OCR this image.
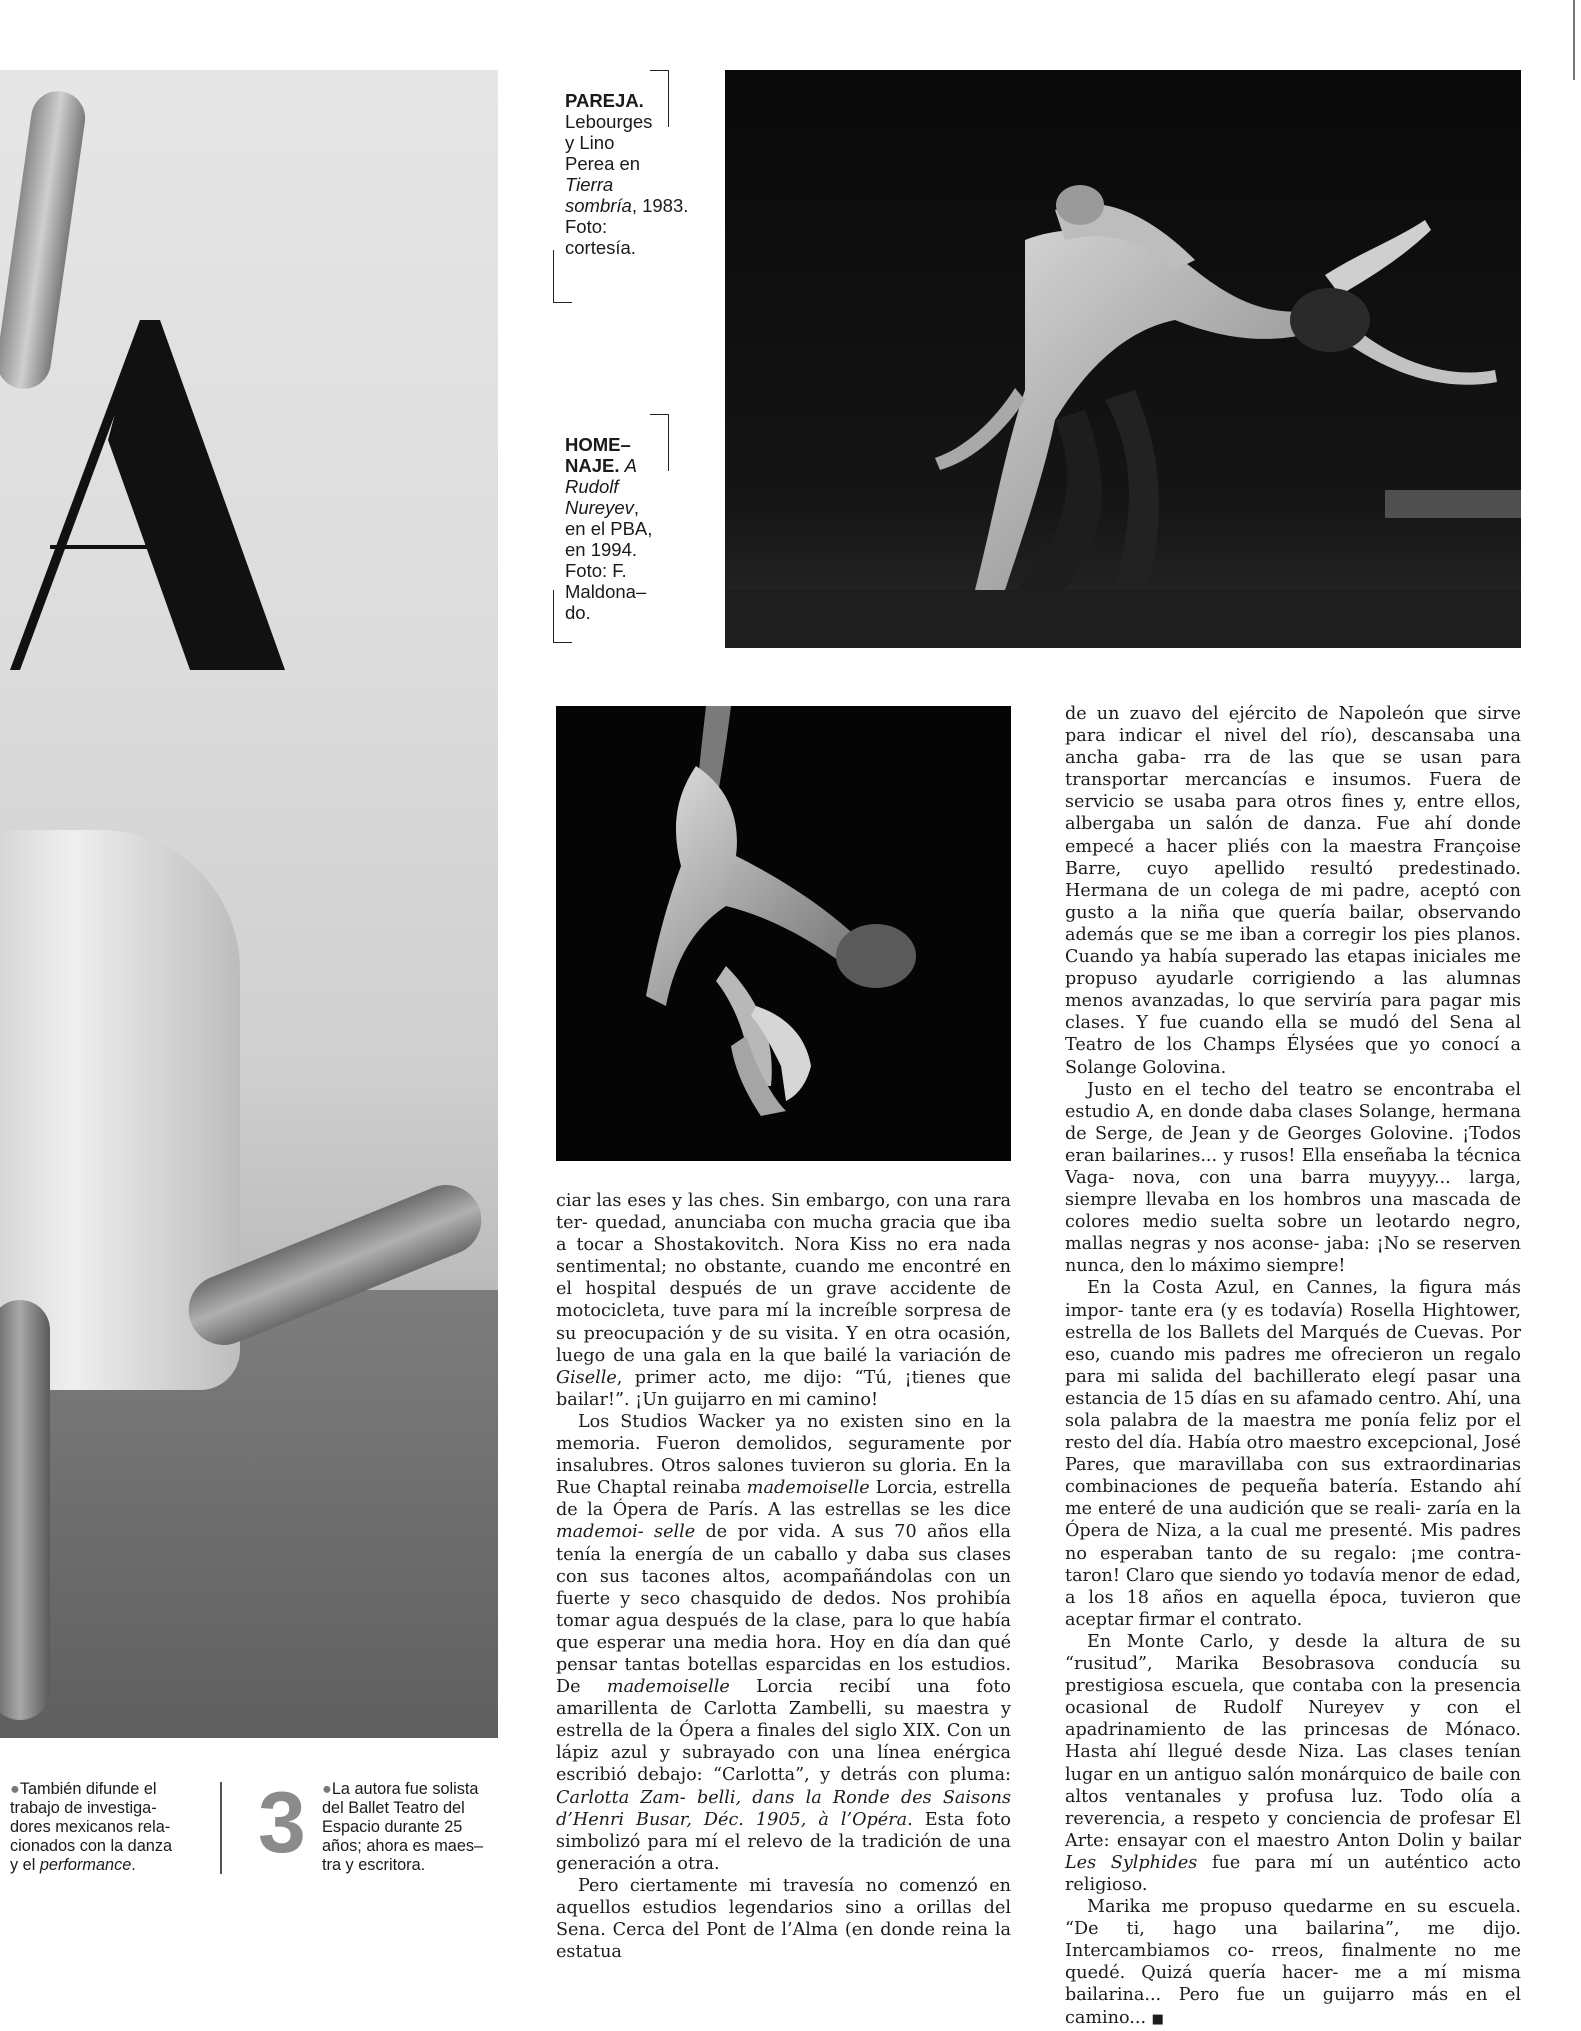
PAREJA.
Lebourges
y Lino
Perea en
Tierra
sombría, 1983.
Foto:
cortesía.
HOME–
NAJE. A
Rudolf
Nureyev,
en el PBA,
en 1994.
Foto: F.
Maldona–
do.

ciar las eses y las ches. Sin embargo, con una rara ter- quedad, anunciaba con mucha gracia que iba a tocar a Shostakovitch. Nora Kiss no era nada sentimental; no obstante, cuando me encontré en el hospital después de un grave accidente de motocicleta, tuve para mí la increíble sorpresa de su preocupación y de su visita. Y en otra ocasión, luego de una gala en la que bailé la variación de Giselle, primer acto, me dijo: “Tú, ¡tienes que bailar!”. ¡Un guijarro en mi camino!

Los Studios Wacker ya no existen sino en la memoria. Fueron demolidos, seguramente por insalubres. Otros salones tuvieron su gloria. En la Rue Chaptal reinaba mademoiselle Lorcia, estrella de la Ópera de París. A las estrellas se les dice mademoi- selle de por vida. A sus 70 años ella tenía la energía de un caballo y daba sus clases con sus tacones altos, acompañándolas con un fuerte y seco chasquido de dedos. Nos prohibía tomar agua después de la clase, para lo que había que esperar una media hora. Hoy en día dan qué pensar tantas botellas esparcidas en los estudios. De mademoiselle Lorcia recibí una foto amarillenta de Carlotta Zambelli, su maestra y estrella de la Ópera a finales del siglo XIX. Con un lápiz azul y subrayado con una línea enérgica escribió debajo: “Carlotta”, y detrás con pluma: Carlotta Zam- belli, dans la Ronde des Saisons d’Henri Busar, Déc. 1905, à l’Opéra. Esta foto simbolizó para mí el relevo de la tradición de una generación a otra.

Pero ciertamente mi travesía no comenzó en aquellos estudios legendarios sino a orillas del Sena. Cerca del Pont de l’Alma (en donde reina la estatua

de un zuavo del ejército de Napoleón que sirve para indicar el nivel del río), descansaba una ancha gaba- rra de las que se usan para transportar mercancías e insumos. Fuera de servicio se usaba para otros fines y, entre ellos, albergaba un salón de danza. Fue ahí donde empecé a hacer pliés con la maestra Françoise Barre, cuyo apellido resultó predestinado. Hermana de un colega de mi padre, aceptó con gusto a la niña que quería bailar, observando además que se me iban a corregir los pies planos. Cuando ya había superado las etapas iniciales me propuso ayudarle corrigiendo a las alumnas menos avanzadas, lo que serviría para pagar mis clases. Y fue cuando ella se mudó del Sena al Teatro de los Champs Élysées que yo conocí a Solange Golovina.

Justo en el techo del teatro se encontraba el estudio A, en donde daba clases Solange, hermana de Serge, de Jean y de Georges Golovine. ¡Todos eran bailarines... y rusos! Ella enseñaba la técnica Vaga- nova, con una barra muyyyy... larga, siempre llevaba en los hombros una mascada de colores medio suelta sobre un leotardo negro, mallas negras y nos aconse- jaba: ¡No se reserven nunca, den lo máximo siempre!

En la Costa Azul, en Cannes, la figura más impor- tante era (y es todavía) Rosella Hightower, estrella de los Ballets del Marqués de Cuevas. Por eso, cuando mis padres me ofrecieron un regalo para mi salida del bachillerato elegí pasar una estancia de 15 días en su afamado centro. Ahí, una sola palabra de la maestra me ponía feliz por el resto del día. Había otro maestro excepcional, José Pares, que maravillaba con sus extraordinarias combinaciones de pequeña batería. Estando ahí me enteré de una audición que se reali- zaría en la Ópera de Niza, a la cual me presenté. Mis padres no esperaban tanto de su regalo: ¡me contra- taron! Claro que siendo yo todavía menor de edad, a los 18 años en aquella época, tuvieron que aceptar firmar el contrato.

En Monte Carlo, y desde la altura de su “rusitud”, Marika Besobrasova conducía su prestigiosa escuela, que contaba con la presencia ocasional de Rudolf Nureyev y con el apadrinamiento de las princesas de Mónaco. Hasta ahí llegué desde Niza. Las clases tenían lugar en un antiguo salón monárquico de baile con altos ventanales y profusa luz. Todo olía a reverencia, a respeto y conciencia de profesar El Arte: ensayar con el maestro Anton Dolin y bailar Les Sylphides fue para mí un auténtico acto religioso.

Marika me propuso quedarme en su escuela. “De ti, hago una bailarina”, me dijo. Intercambiamos co- rreos, finalmente no me quedé. Quizá quería hacer- me a mí misma bailarina... Pero fue un guijarro más en el camino... ■

●También difunde el
trabajo de investiga-
dores mexicanos rela-
cionados con la danza
y el performance.	3 ●La autora fue solista
del Ballet Teatro del
Espacio durante 25
años; ahora es maes–
tra y escritora.
